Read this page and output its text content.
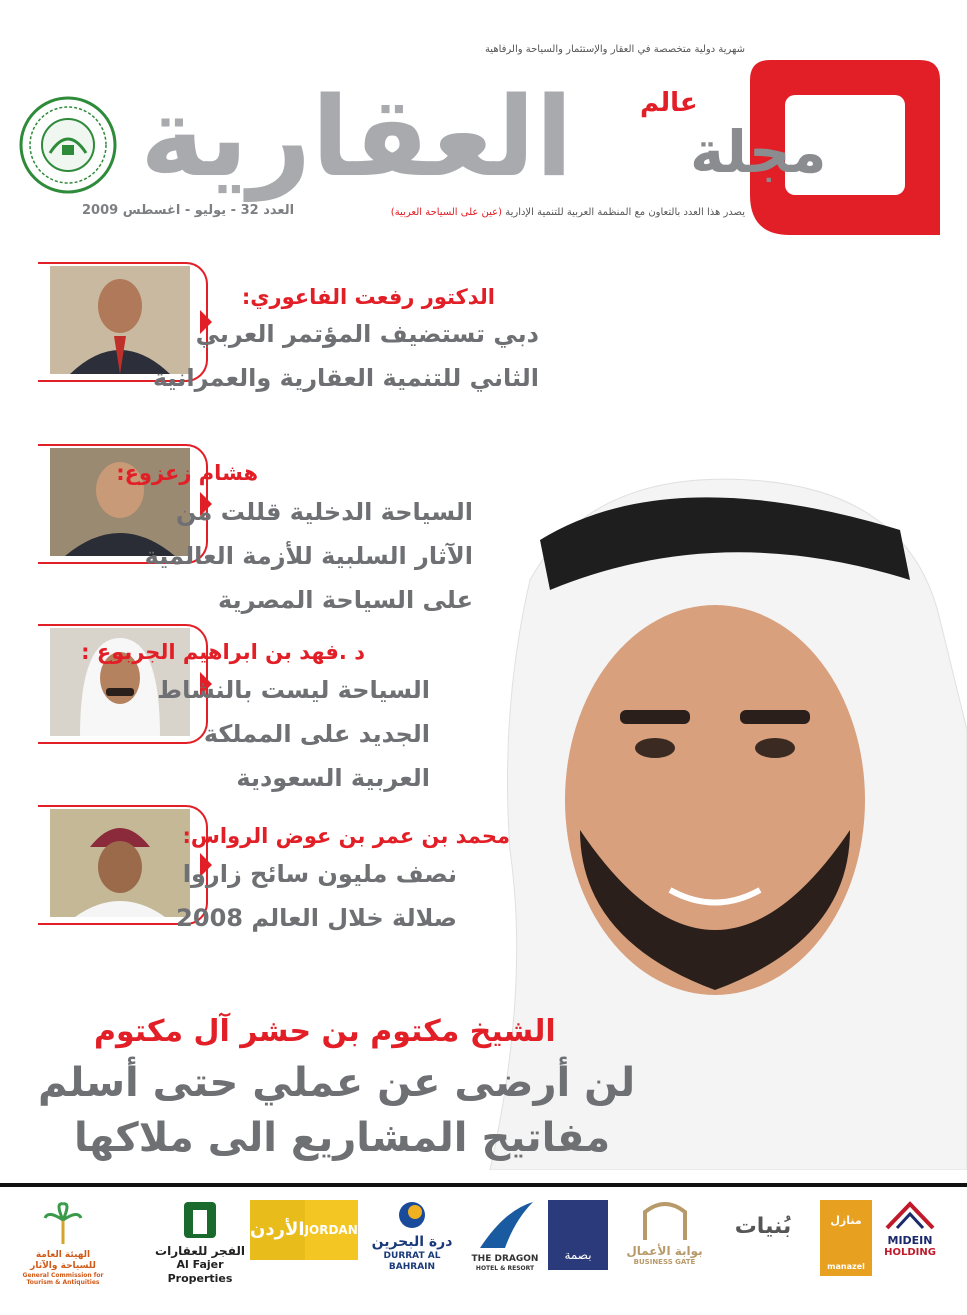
مجلة
عالم
العقارية
شهرية دولية متخصصة في العقار والإستثمار والسياحة والرفاهية
يصدر هذا العدد بالتعاون مع المنظمة العربية للتنمية الإدارية (عين على السياحة العربية)
العدد 32 - يوليو - اغسطس 2009
الدكتور رفعت الفاعوري:
دبي تستضيف المؤتمر العربي
الثاني للتنمية العقارية والعمرانية
هشام زعزوع:
السياحة الدخلية قللت من
الآثار السلبية للأزمة العالمية
على السياحة المصرية
د .فهد بن ابراهيم الجربوع :
السياحة ليست بالنشاط
الجديد على المملكة
العربية السعودية
محمد بن عمر بن عوض الرواس:
نصف مليون سائح زاروا
صلالة خلال العالم 2008
الشيخ مكتوم بن حشر آل مكتوم
لن أرضى عن عملي حتى أسلم
مفاتيح المشاريع الى ملاكها
الهيئة العامة للسياحة والآثار
General Commission for Tourism & Antiquities
الفجر للعقارات
Al Fajer Properties
الأردن JORDAN
درة البحرين
DURRAT AL BAHRAIN
THE DRAGON
HOTEL & RESORT
بصمة	بوابة الأعمال
BUSINESS GATE
بُنيات
manazel
منازل
MIDEIN
HOLDING
